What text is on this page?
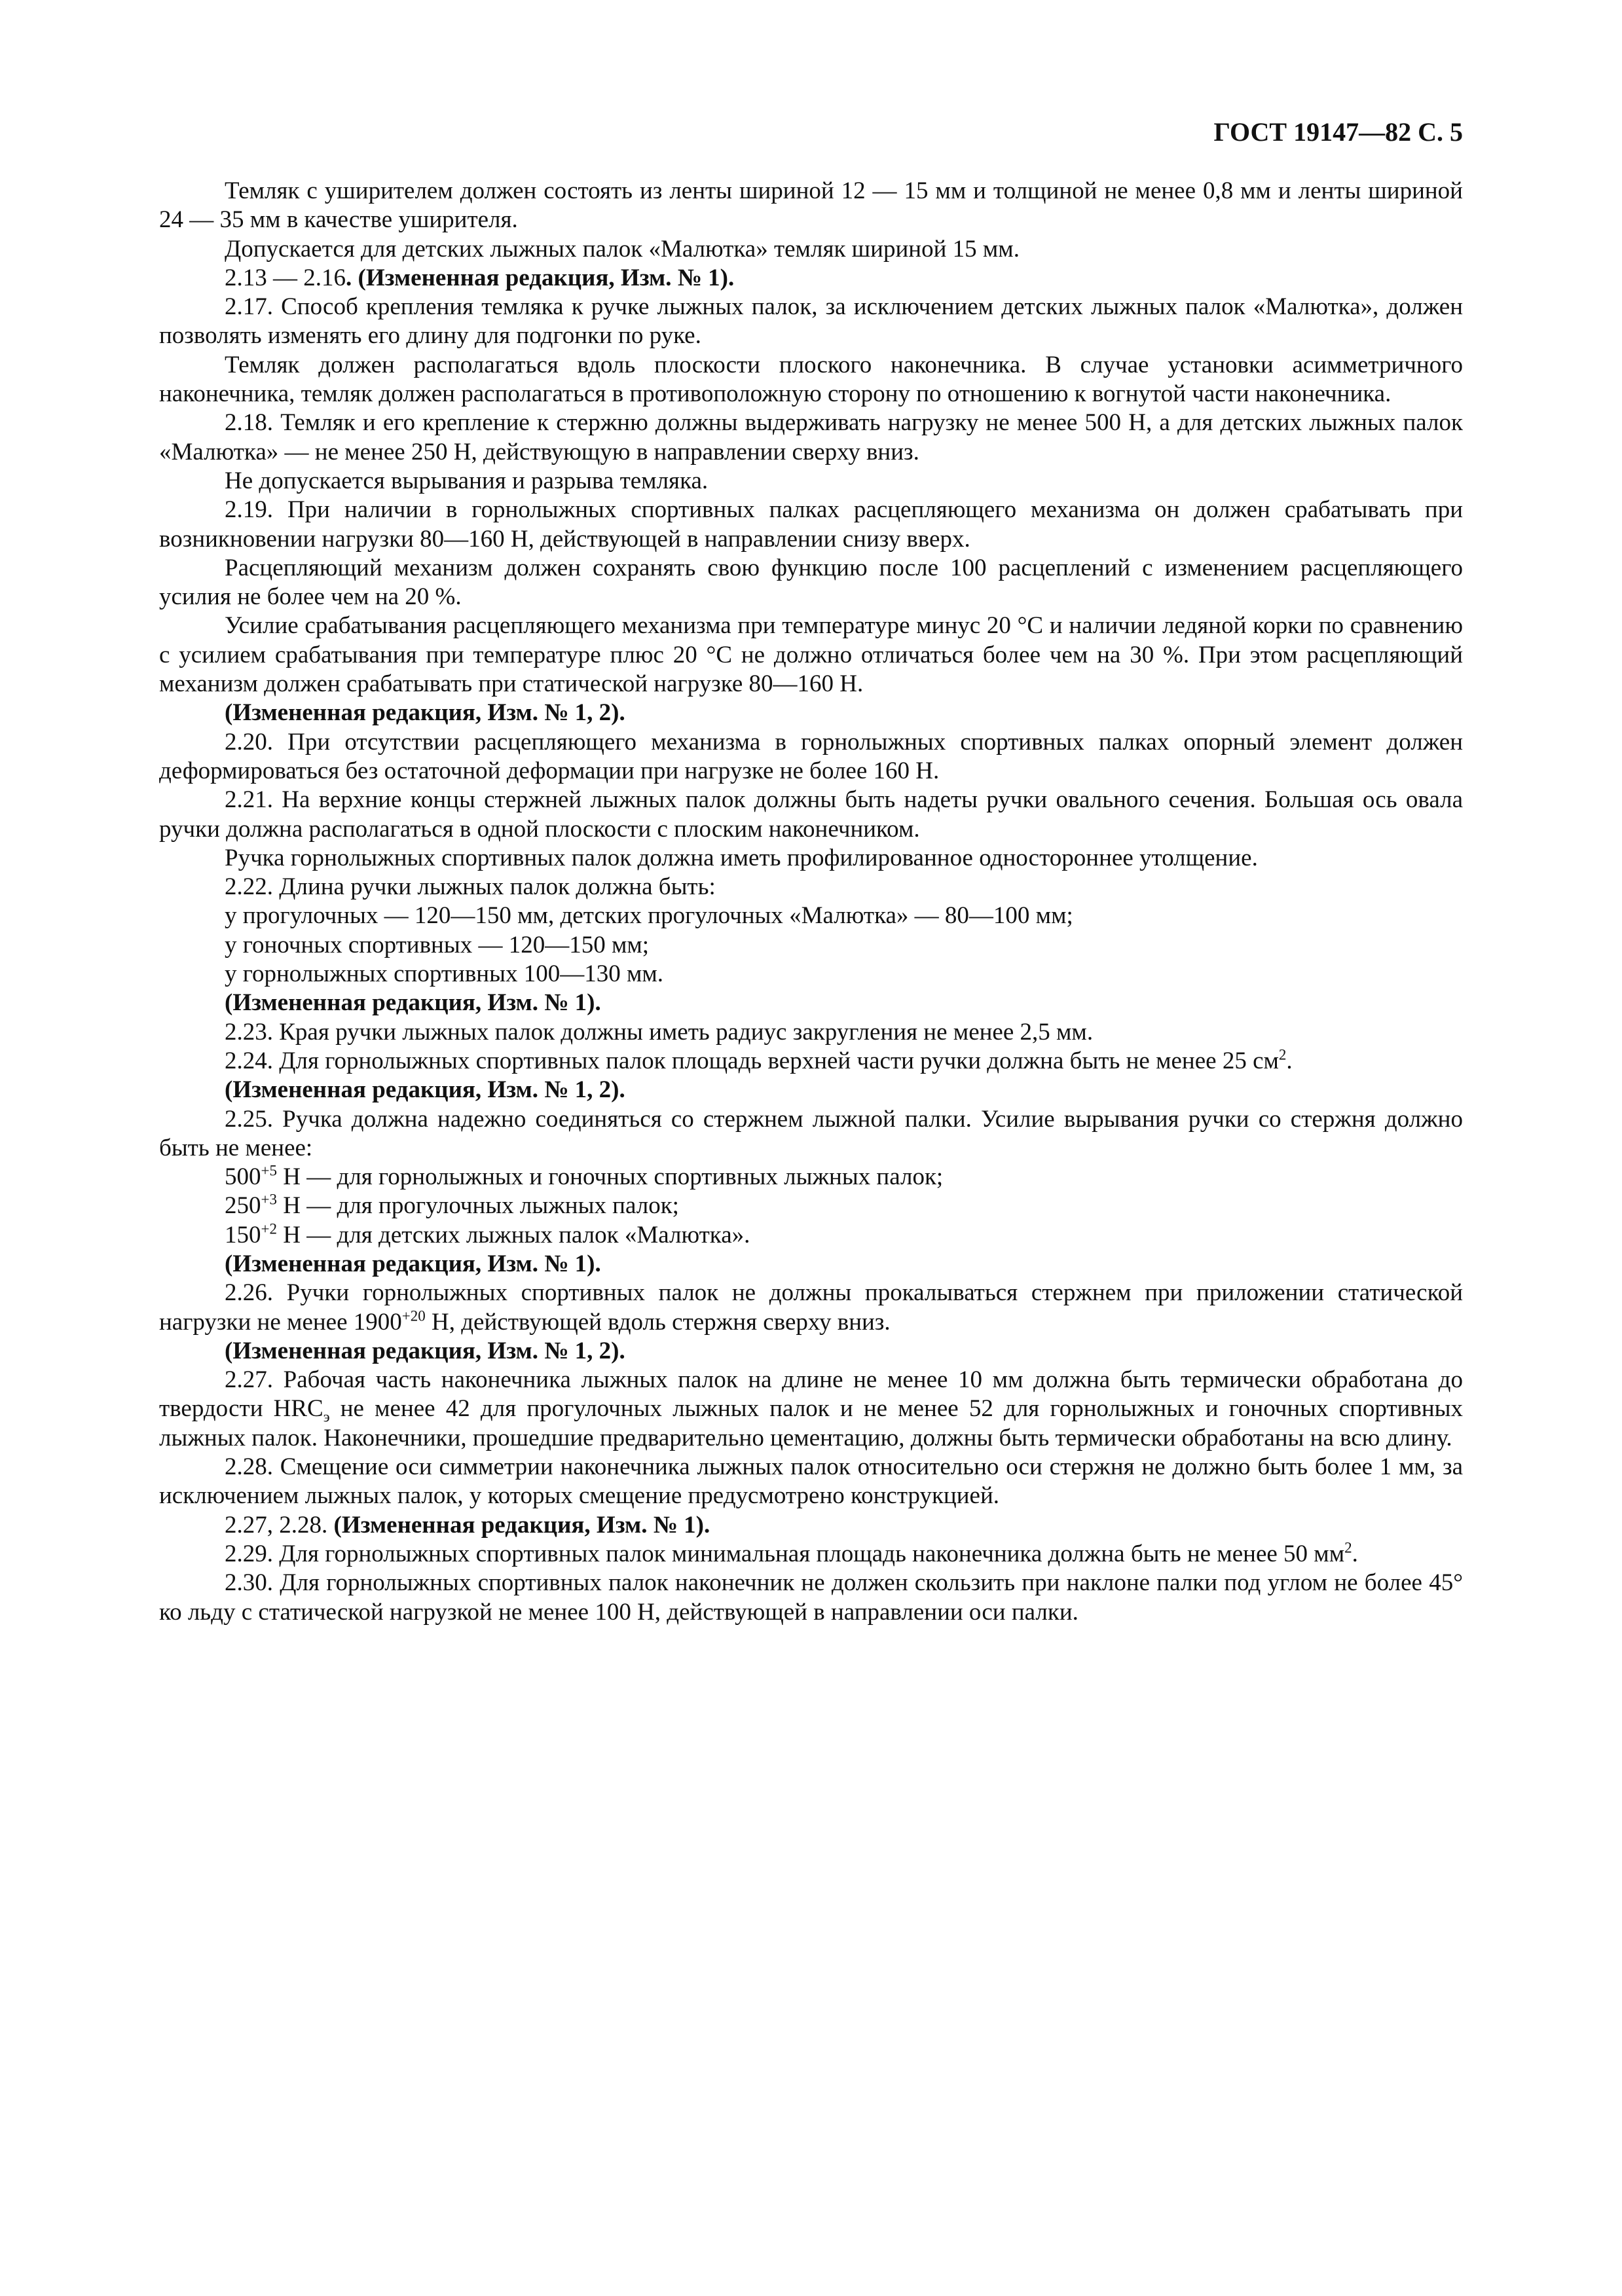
ГОСТ 19147—82 С. 5

Темляк с уширителем должен состоять из ленты шириной 12 — 15 мм и толщиной не менее 0,8 мм и ленты шириной 24 — 35 мм в качестве уширителя.

Допускается для детских лыжных палок «Малютка» темляк шириной 15 мм.

2.13 — 2.16. (Измененная редакция, Изм. № 1).

2.17. Способ крепления темляка к ручке лыжных палок, за исключением детских лыжных палок «Малютка», должен позволять изменять его длину для подгонки по руке.

Темляк должен располагаться вдоль плоскости плоского наконечника. В случае установки асимметричного наконечника, темляк должен располагаться в противоположную сторону по отношению к вогнутой части наконечника.

2.18. Темляк и его крепление к стержню должны выдерживать нагрузку не менее 500 Н, а для детских лыжных палок «Малютка» — не менее 250 Н, действующую в направлении сверху вниз.

Не допускается вырывания и разрыва темляка.

2.19. При наличии в горнолыжных спортивных палках расцепляющего механизма он должен срабатывать при возникновении нагрузки 80—160 Н, действующей в направлении снизу вверх.

Расцепляющий механизм должен сохранять свою функцию после 100 расцеплений с изменением расцепляющего усилия не более чем на 20 %.

Усилие срабатывания расцепляющего механизма при температуре минус 20 °С и наличии ледяной корки по сравнению с усилием срабатывания при температуре плюс 20 °С не должно отличаться более чем на 30 %. При этом расцепляющий механизм должен срабатывать при статической нагрузке 80—160 Н.

(Измененная редакция, Изм. № 1, 2).

2.20. При отсутствии расцепляющего механизма в горнолыжных спортивных палках опорный элемент должен деформироваться без остаточной деформации при нагрузке не более 160 Н.

2.21. На верхние концы стержней лыжных палок должны быть надеты ручки овального сечения. Большая ось овала ручки должна располагаться в одной плоскости с плоским наконечником.

Ручка горнолыжных спортивных палок должна иметь профилированное одностороннее утолщение.

2.22. Длина ручки лыжных палок должна быть:

у прогулочных — 120—150 мм, детских прогулочных «Малютка» — 80—100 мм;

у гоночных спортивных — 120—150 мм;

у горнолыжных спортивных 100—130 мм.

(Измененная редакция, Изм. № 1).

2.23. Края ручки лыжных палок должны иметь радиус закругления не менее 2,5 мм.

2.24. Для горнолыжных спортивных палок площадь верхней части ручки должна быть не менее 25 $см^2$.

(Измененная редакция, Изм. № 1, 2).

2.25. Ручка должна надежно соединяться со стержнем лыжной палки. Усилие вырывания ручки со стержня должно быть не менее:

$500^{+5}$ Н — для горнолыжных и гоночных спортивных лыжных палок;

$250^{+3}$ Н — для прогулочных лыжных палок;

$150^{+2}$ Н — для детских лыжных палок «Малютка».

(Измененная редакция, Изм. № 1).

2.26. Ручки горнолыжных спортивных палок не должны прокалываться стержнем при приложении статической нагрузки не менее $1900^{+20}$ Н, действующей вдоль стержня сверху вниз.

(Измененная редакция, Изм. № 1, 2).

2.27. Рабочая часть наконечника лыжных палок на длине не менее 10 мм должна быть термически обработана до твердости $HRC_э$ не менее 42 для прогулочных лыжных палок и не менее 52 для горнолыжных и гоночных спортивных лыжных палок. Наконечники, прошедшие предварительно цементацию, должны быть термически обработаны на всю длину.

2.28. Смещение оси симметрии наконечника лыжных палок относительно оси стержня не должно быть более 1 мм, за исключением лыжных палок, у которых смещение предусмотрено конструкцией.

2.27, 2.28. (Измененная редакция, Изм. № 1).

2.29. Для горнолыжных спортивных палок минимальная площадь наконечника должна быть не менее 50 $мм^2$.

2.30. Для горнолыжных спортивных палок наконечник не должен скользить при наклоне палки под углом не более 45° ко льду с статической нагрузкой не менее 100 Н, действующей в направлении оси палки.
